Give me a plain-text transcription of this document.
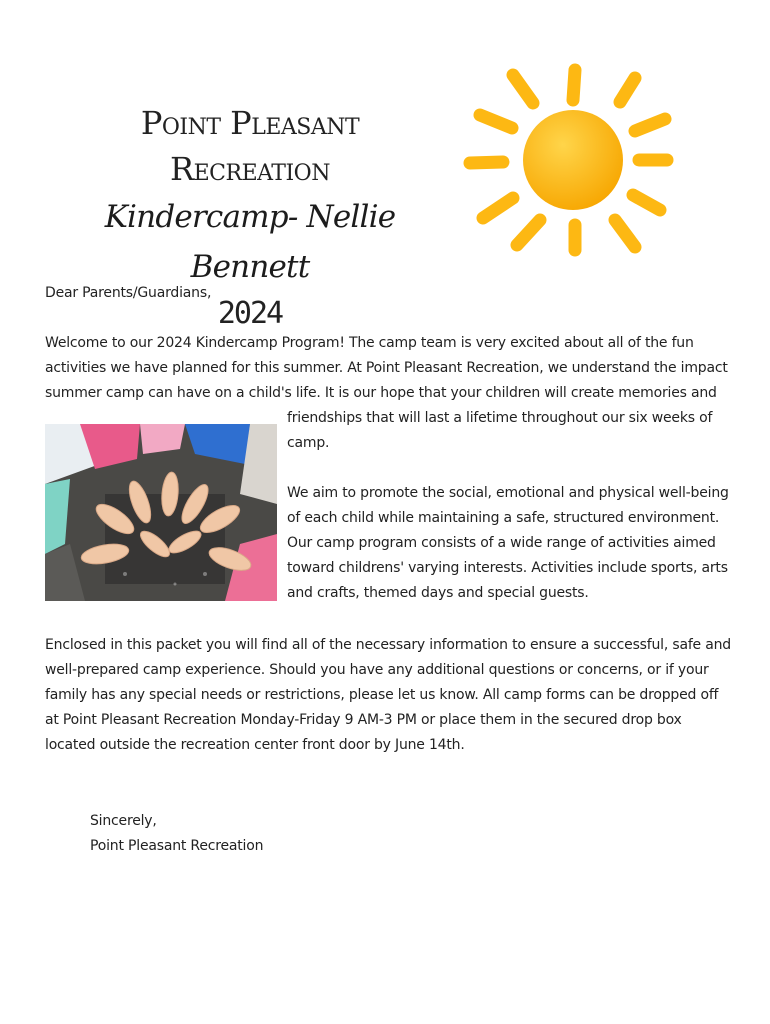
Point Pleasant Recreation
Kindercamp- Nellie Bennett
2024
Dear Parents/Guardians,

Welcome to our 2024 Kindercamp Program! The camp team is very excited about all of the fun activities we have planned for this summer. At Point Pleasant Recreation, we understand the impact summer camp can have on a child's life. It is our hope that your children will create memories and
friendships that will last a lifetime throughout our six weeks of camp.

We aim to promote the social, emotional and physical well-being of each child while maintaining a safe, structured environment. Our camp program consists of a wide range of activities aimed toward childrens' varying interests. Activities include sports, arts and crafts, themed days and special guests.

Enclosed in this packet you will find all of the necessary information to ensure a successful, safe and well-prepared camp experience. Should you have any additional questions or concerns, or if your family has any special needs or restrictions, please let us know. All camp forms can be dropped off at Point Pleasant Recreation Monday-Friday 9 AM-3 PM or place them in the secured drop box located outside the recreation center front door by June 14th.

Sincerely,
Point Pleasant Recreation
